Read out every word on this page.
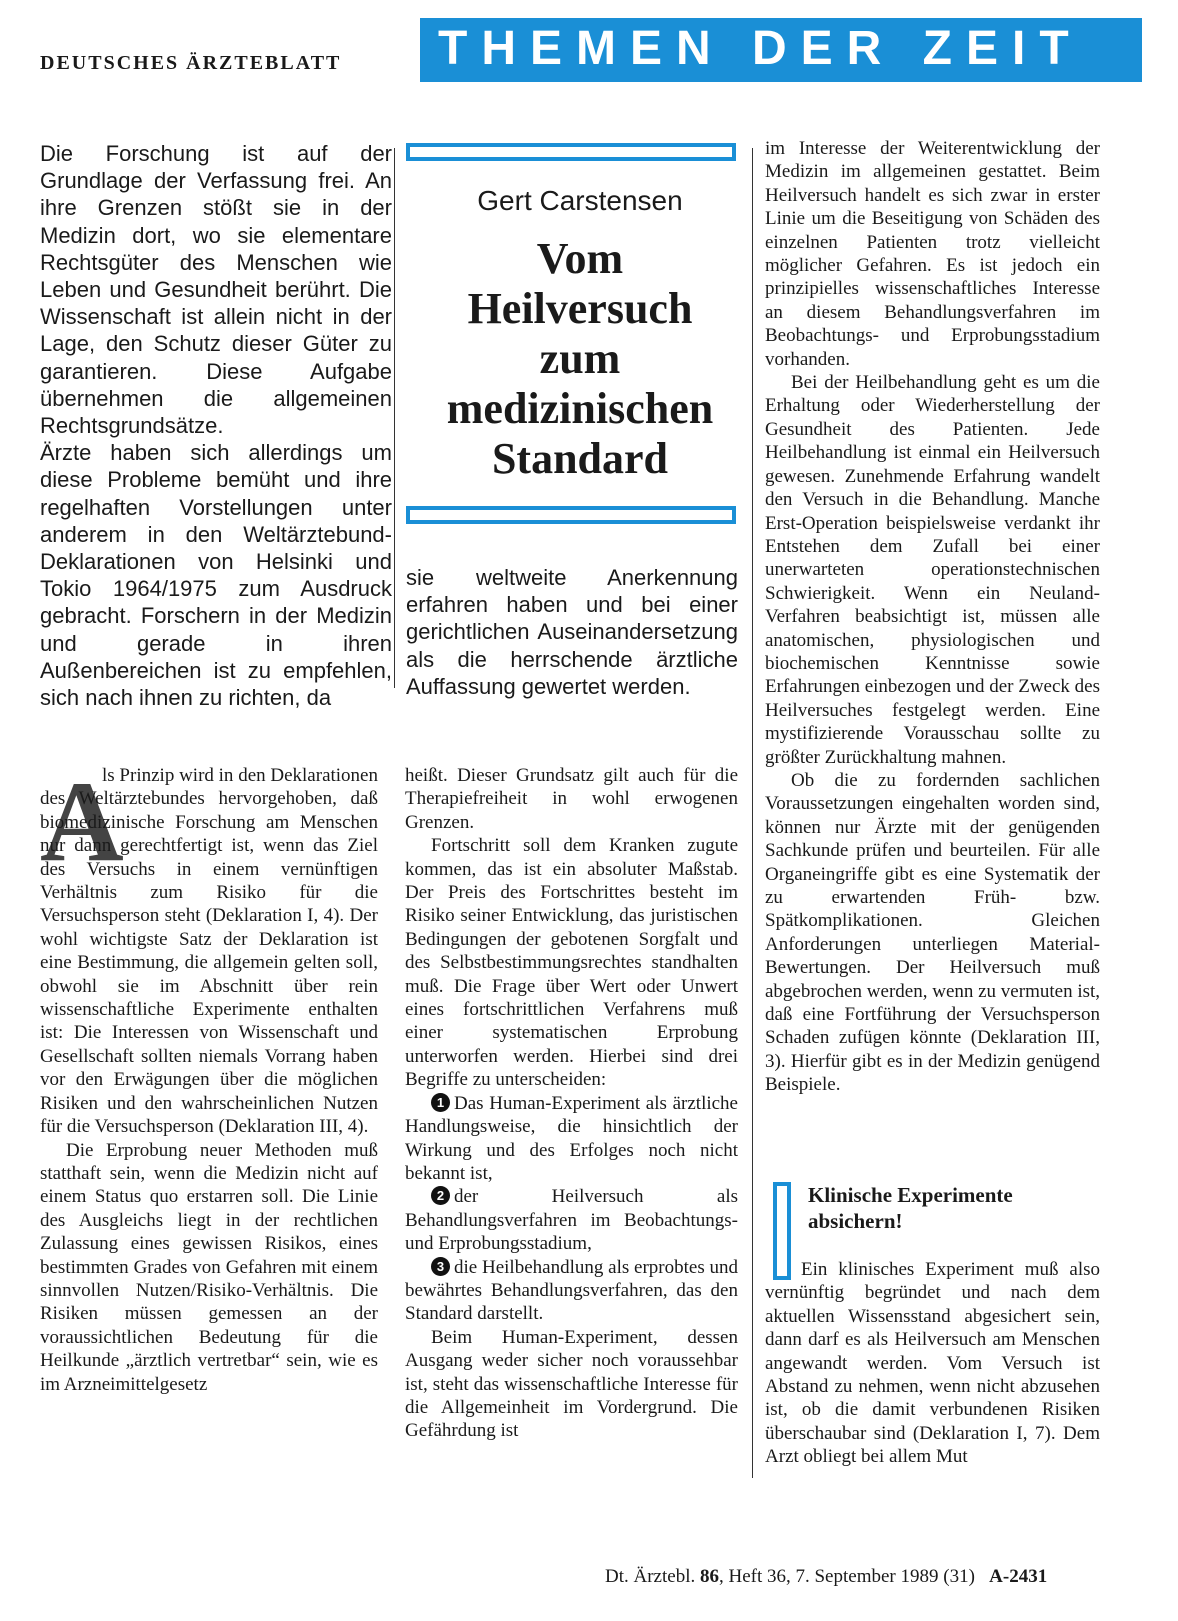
DEUTSCHES ÄRZTEBLATT	THEMEN DER ZEIT

Die Forschung ist auf der Grundlage der Verfassung frei. An ihre Grenzen stößt sie in der Medizin dort, wo sie elementare Rechtsgüter des Menschen wie Leben und Gesundheit berührt. Die Wissenschaft ist allein nicht in der Lage, den Schutz dieser Güter zu garantieren. Diese Aufgabe übernehmen die allgemeinen Rechtsgrundsätze.

Ärzte haben sich allerdings um diese Probleme bemüht und ihre regelhaften Vorstellungen unter anderem in den Weltärztebund-Deklarationen von Helsinki und Tokio 1964/1975 zum Ausdruck gebracht. Forschern in der Medizin und gerade in ihren Außenbereichen ist zu empfehlen, sich nach ihnen zu richten, da

Gert Carstensen
Vom
Heilversuch
zum
medizinischen
Standard

sie weltweite Anerkennung erfahren haben und bei einer gerichtlichen Auseinandersetzung als die herrschende ärztliche Auffassung gewertet werden.

A

ls Prinzip wird in den Deklarationen des Weltärztebundes hervorgehoben, daß biomedizinische Forschung am Menschen nur dann gerechtfertigt ist, wenn das Ziel des Versuchs in einem vernünftigen Verhältnis zum Risiko für die Versuchsperson steht (Deklaration I, 4). Der wohl wichtigste Satz der Deklaration ist eine Bestimmung, die allgemein gelten soll, obwohl sie im Abschnitt über rein wissenschaftliche Experimente enthalten ist: Die Interessen von Wissenschaft und Gesellschaft sollten niemals Vorrang haben vor den Erwägungen über die möglichen Risiken und den wahrscheinlichen Nutzen für die Versuchsperson (Deklaration III, 4).

Die Erprobung neuer Methoden muß statthaft sein, wenn die Medizin nicht auf einem Status quo erstarren soll. Die Linie des Ausgleichs liegt in der rechtlichen Zulassung eines gewissen Risikos, eines bestimmten Grades von Gefahren mit einem sinnvollen Nutzen/Risiko-Verhältnis. Die Risiken müssen gemessen an der voraussichtlichen Bedeutung für die Heilkunde „ärztlich vertretbar“ sein, wie es im Arzneimittelgesetz

heißt. Dieser Grundsatz gilt auch für die Therapiefreiheit in wohl erwogenen Grenzen.

Fortschritt soll dem Kranken zugute kommen, das ist ein absoluter Maßstab. Der Preis des Fortschrittes besteht im Risiko seiner Entwicklung, das juristischen Bedingungen der gebotenen Sorgfalt und des Selbstbestimmungsrechtes standhalten muß. Die Frage über Wert oder Unwert eines fortschrittlichen Verfahrens muß einer systematischen Erprobung unterworfen werden. Hierbei sind drei Begriffe zu unterscheiden:

1 Das Human-Experiment als ärztliche Handlungsweise, die hinsichtlich der Wirkung und des Erfolges noch nicht bekannt ist,

2 der Heilversuch als Behandlungsverfahren im Beobachtungs- und Erprobungsstadium,

3 die Heilbehandlung als erprobtes und bewährtes Behandlungsverfahren, das den Standard darstellt.

Beim Human-Experiment, dessen Ausgang weder sicher noch voraussehbar ist, steht das wissenschaftliche Interesse für die Allgemeinheit im Vordergrund. Die Gefährdung ist

im Interesse der Weiterentwicklung der Medizin im allgemeinen gestattet. Beim Heilversuch handelt es sich zwar in erster Linie um die Beseitigung von Schäden des einzelnen Patienten trotz vielleicht möglicher Gefahren. Es ist jedoch ein prinzipielles wissenschaftliches Interesse an diesem Behandlungsverfahren im Beobachtungs- und Erprobungsstadium vorhanden.

Bei der Heilbehandlung geht es um die Erhaltung oder Wiederherstellung der Gesundheit des Patienten. Jede Heilbehandlung ist einmal ein Heilversuch gewesen. Zunehmende Erfahrung wandelt den Versuch in die Behandlung. Manche Erst-Operation beispielsweise verdankt ihr Entstehen dem Zufall bei einer unerwarteten operationstechnischen Schwierigkeit. Wenn ein Neuland-Verfahren beabsichtigt ist, müssen alle anatomischen, physiologischen und biochemischen Kenntnisse sowie Erfahrungen einbezogen und der Zweck des Heilversuches festgelegt werden. Eine mystifizierende Vorausschau sollte zu größter Zurückhaltung mahnen.

Ob die zu fordernden sachlichen Voraussetzungen eingehalten worden sind, können nur Ärzte mit der genügenden Sachkunde prüfen und beurteilen. Für alle Organeingriffe gibt es eine Systematik der zu erwartenden Früh- bzw. Spätkomplikationen. Gleichen Anforderungen unterliegen Material-Bewertungen. Der Heilversuch muß abgebrochen werden, wenn zu vermuten ist, daß eine Fortführung der Versuchsperson Schaden zufügen könnte (Deklaration III, 3). Hierfür gibt es in der Medizin genügend Beispiele.

Klinische Experimente absichern!

Ein klinisches Experiment muß also vernünftig begründet und nach dem aktuellen Wissensstand abgesichert sein, dann darf es als Heilversuch am Menschen angewandt werden. Vom Versuch ist Abstand zu nehmen, wenn nicht abzusehen ist, ob die damit verbundenen Risiken überschaubar sind (Deklaration I, 7). Dem Arzt obliegt bei allem Mut

Dt. Ärztebl. 86, Heft 36, 7. September 1989 (31) A-2431
